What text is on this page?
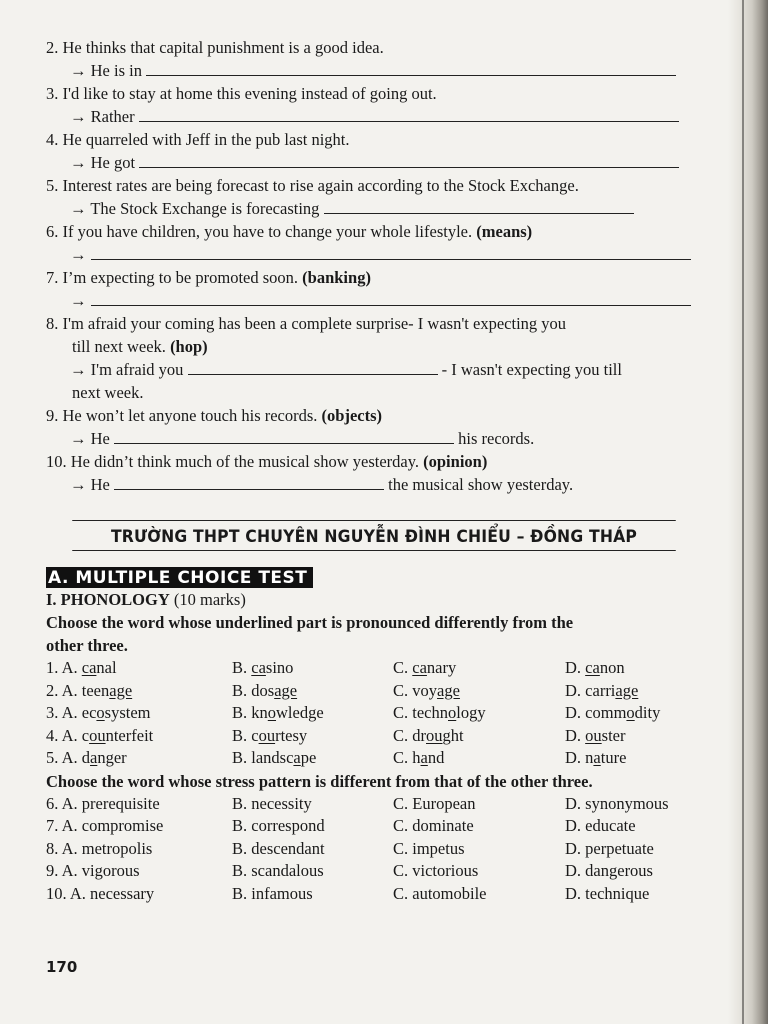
2. He thinks that capital punishment is a good idea.
→ He is in
3. I'd like to stay at home this evening instead of going out.
→ Rather
4. He quarreled with Jeff in the pub last night.
→ He got
5. Interest rates are being forecast to rise again according to the Stock Exchange.
→ The Stock Exchange is forecasting
6. If you have children, you have to change your whole lifestyle. (means)
→
7. I’m expecting to be promoted soon. (banking)
→
8. I'm afraid your coming has been a complete surprise- I wasn't expecting you
till next week. (hop)
→ I'm afraid you	- I wasn't expecting you till
next week.
9. He won’t let anyone touch his records. (objects)
→ He	his records.
10. He didn’t think much of the musical show yesterday. (opinion)
→ He	the musical show yesterday.
TRƯỜNG THPT CHUYÊN NGUYỄN ĐÌNH CHIỂU – ĐỒNG THÁP
A. MULTIPLE CHOICE TEST
I. PHONOLOGY (10 marks)
Choose the word whose underlined part is pronounced differently from the
other three.
1. A. canal	B. casino	C. canary	D. canon
2. A. teenage	B. dosage	C. voyage	D. carriage
3. A. ecosystem	B. knowledge	C. technology	D. commodity
4. A. counterfeit	B. courtesy	C. drought	D. ouster
5. A. danger	B. landscape	C. hand	D. nature
Choose the word whose stress pattern is different from that of the other three.
6. A. prerequisite	B. necessity	C. European	D. synonymous
7. A. compromise	B. correspond	C. dominate	D. educate
8. A. metropolis	B. descendant	C. impetus	D. perpetuate
9. A. vigorous	B. scandalous	C. victorious	D. dangerous
10. A. necessary	B. infamous	C. automobile	D. technique
170
